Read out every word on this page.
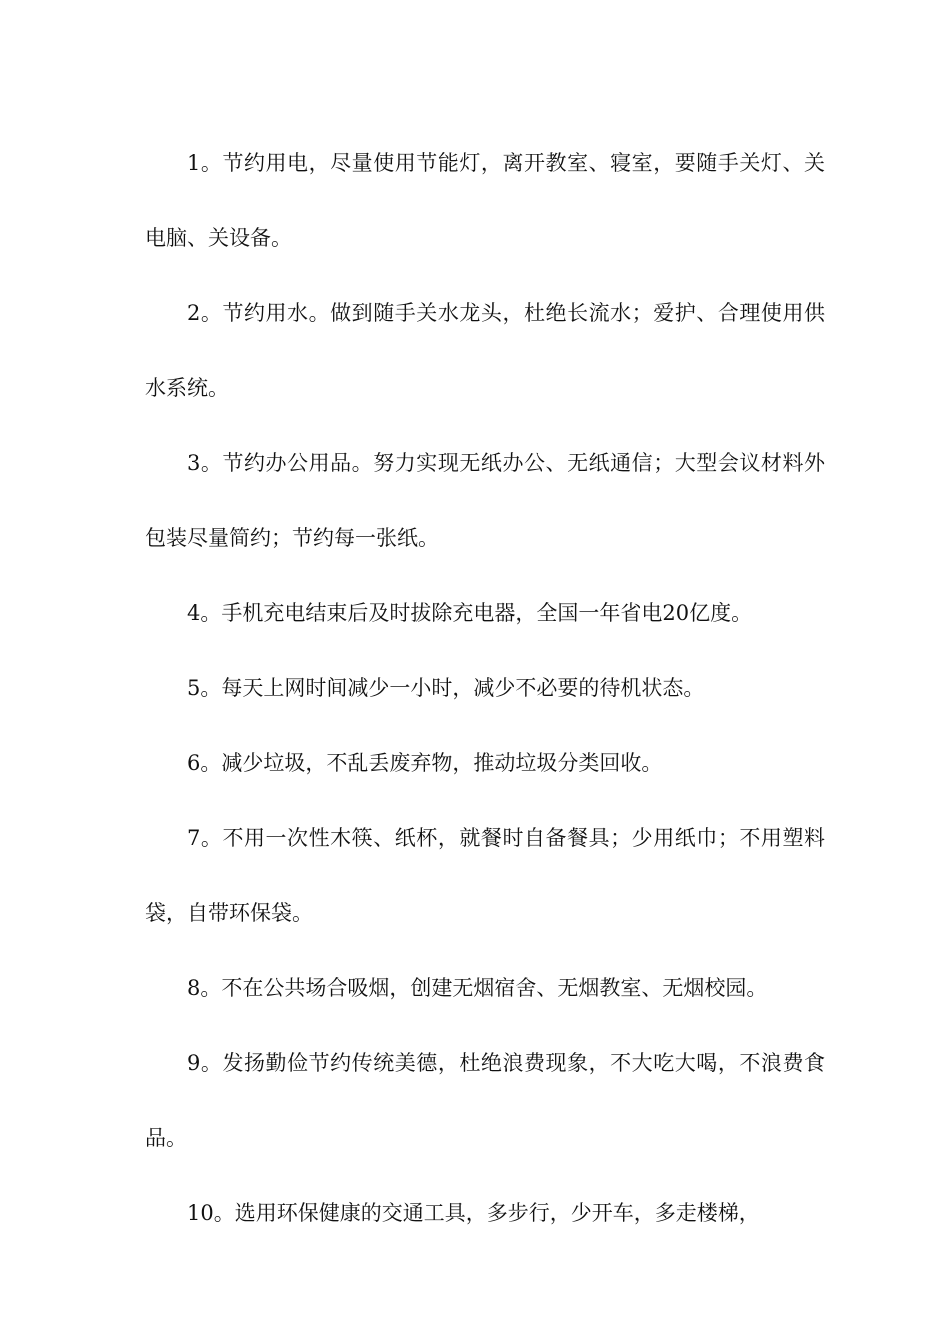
1。节约用电，尽量使用节能灯，离开教室、寝室，要随手关灯、关电脑、关设备。

2。节约用水。做到随手关水龙头，杜绝长流水；爱护、合理使用供水系统。

3。节约办公用品。努力实现无纸办公、无纸通信；大型会议材料外包装尽量简约；节约每一张纸。

4。手机充电结束后及时拔除充电器，全国一年省电20亿度。

5。每天上网时间减少一小时，减少不必要的待机状态。

6。减少垃圾，不乱丢废弃物，推动垃圾分类回收。

7。不用一次性木筷、纸杯，就餐时自备餐具；少用纸巾；不用塑料袋，自带环保袋。

8。不在公共场合吸烟，创建无烟宿舍、无烟教室、无烟校园。

9。发扬勤俭节约传统美德，杜绝浪费现象，不大吃大喝，不浪费食品。

10。选用环保健康的交通工具，多步行，少开车，多走楼梯，
